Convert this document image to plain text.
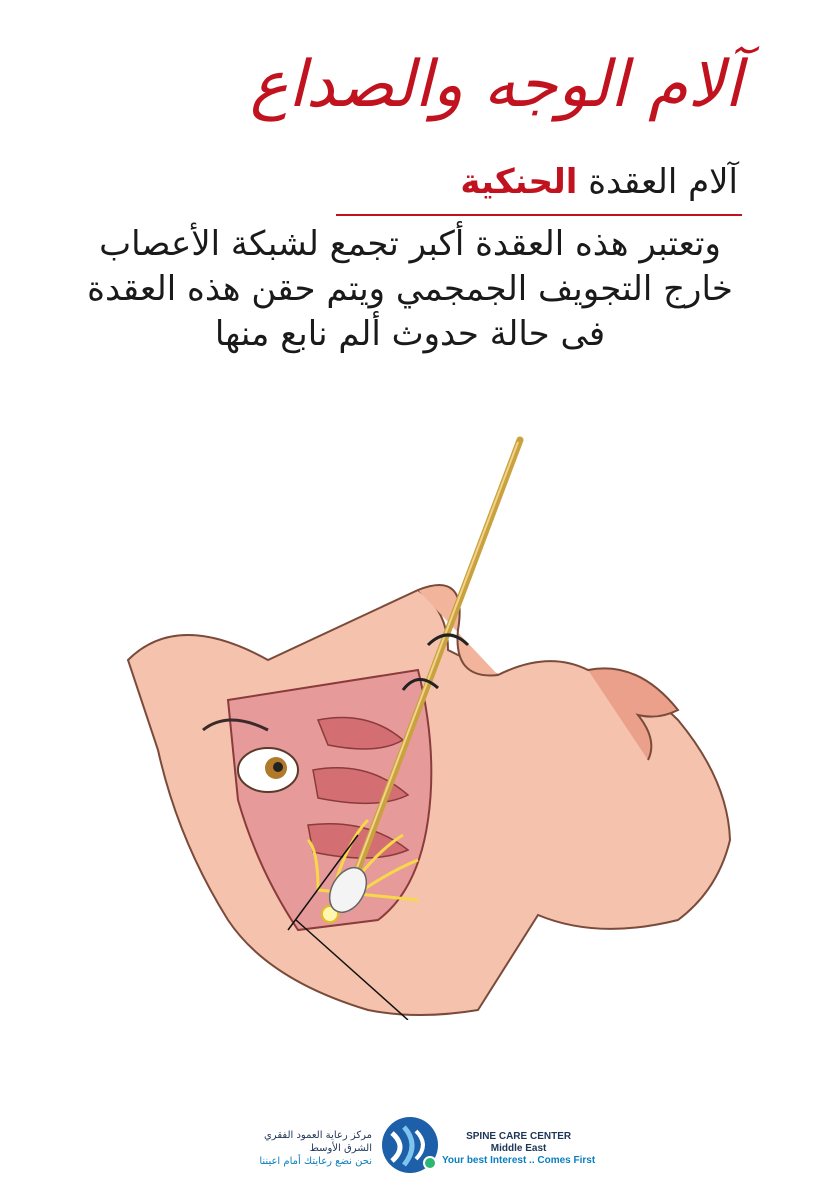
آلام الوجه والصداع
آلام العقدة الحنكية
وتعتبر هذه العقدة أكبر تجمع لشبكة الأعصاب
خارج التجويف الجمجمي ويتم حقن هذه العقدة
فى حالة حدوث ألم نابع منها
مركز رعاية العمود الفقري
الشرق الأوسط
نحن نضع رعايتك أمام اعيننا
SPINE CARE CENTER
Middle East
Your best Interest .. Comes First
